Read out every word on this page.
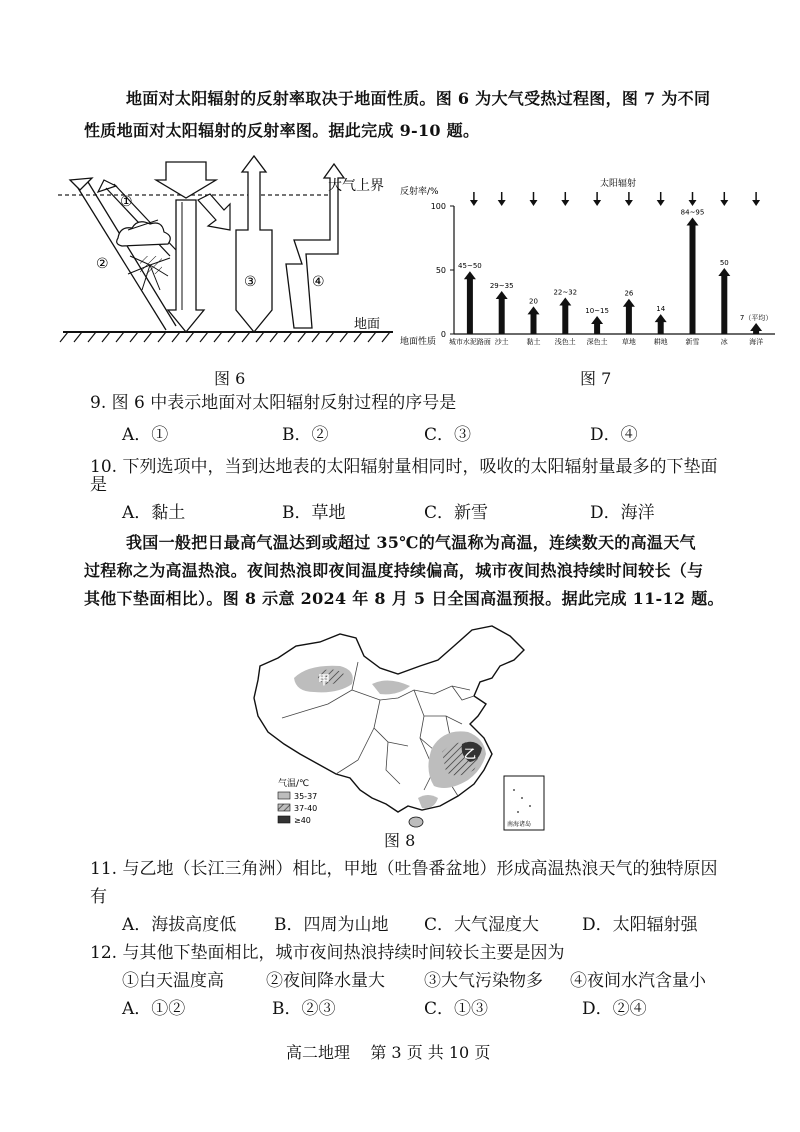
地面对太阳辐射的反射率取决于地面性质。图 6 为大气受热过程图，图 7 为不同
性质地面对太阳辐射的反射率图。据此完成 9-10 题。
①
②
③	④
大气上界
地面
图 6
反射率/%
太阳辐射
地面性质
0
50
100
45~50
城市水泥路面
29~35
沙土
20
黏土
22~32
浅色土
10~15
深色土
26
草地
14
耕地
84~95
新雪
50
冰
7（平均）
海洋
图 7
9. 图 6 中表示地面对太阳辐射反射过程的序号是
A．①	B．②	C．③	D．④
10. 下列选项中，当到达地表的太阳辐射量相同时，吸收的太阳辐射量最多的下垫面
是
A．黏土	B．草地	C．新雪	D．海洋
我国一般把日最高气温达到或超过 35℃的气温称为高温，连续数天的高温天气
过程称之为高温热浪。夜间热浪即夜间温度持续偏高，城市夜间热浪持续时间较长（与
其他下垫面相比）。图 8 示意 2024 年 8 月 5 日全国高温预报。据此完成 11-12 题。
甲
乙
南海诸岛
气温/℃
35-37
37-40
≥40
图 8
11. 与乙地（长江三角洲）相比，甲地（吐鲁番盆地）形成高温热浪天气的独特原因
有
A．海拔高度低 B．四周为山地 C．大气湿度大	D．太阳辐射强
12. 与其他下垫面相比，城市夜间热浪持续时间较长主要是因为
①白天温度高 ②夜间降水量大 ③大气污染物多 ④夜间水汽含量小
A．①②	B．②③	C．①③	D．②④
高二地理    第 3 页 共 10 页
